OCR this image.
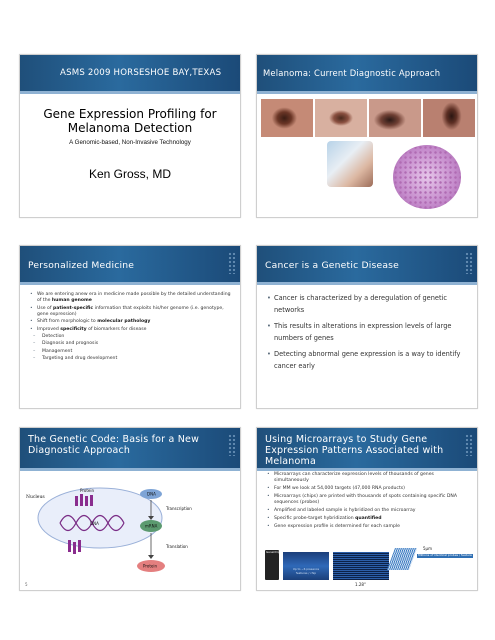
ASMS 2009 HORSESHOE BAY,TEXAS
Gene Expression Profiling for Melanoma Detection
A Genomic-based, Non-Invasive Technology
Ken Gross, MD
Melanoma: Current Diagnostic Approach
Personalized Medicine
• We are entering anew era in medicine made possible by the detailed understanding of the human genome
• Use of patient-specific information that exploits his/her genome (i.e. genotype, gene expression)
• Shift from morphologic to molecular pathology
• Improved specificity of biomarkers for disease
– Detection
– Diagnosis and prognosis
– Management
– Targeting and drug development
Cancer is a Genetic Disease
• Cancer is characterized by a deregulation of genetic networks
• This results in alterations in expression levels of large numbers of genes
• Detecting abnormal gene expression is a way to identify cancer early
The Genetic Code: Basis for a New Diagnostic Approach
Nucleus
Protein
DNA
DNA
mRNA
Transcription
Translation
Protein
5
Using Microarrays to Study Gene Expression Patterns Associated with Melanoma
• Microarrays can characterize expression levels of thousands of genes simultaneously
• For MM we look at 54,000 targets (47,000 RNA products)
• Microarrays (chips) are printed with thousands of spots containing specific DNA sequences (probes)
• Amplified and labeled sample is hybridized on the microarray
• Specific probe-target hybridization quantified
• Gene expression profile is determined for each sample
GeneChip
Up to ~6 presence features / chip
1.28"
5μm
Millions of identical probes / feature
